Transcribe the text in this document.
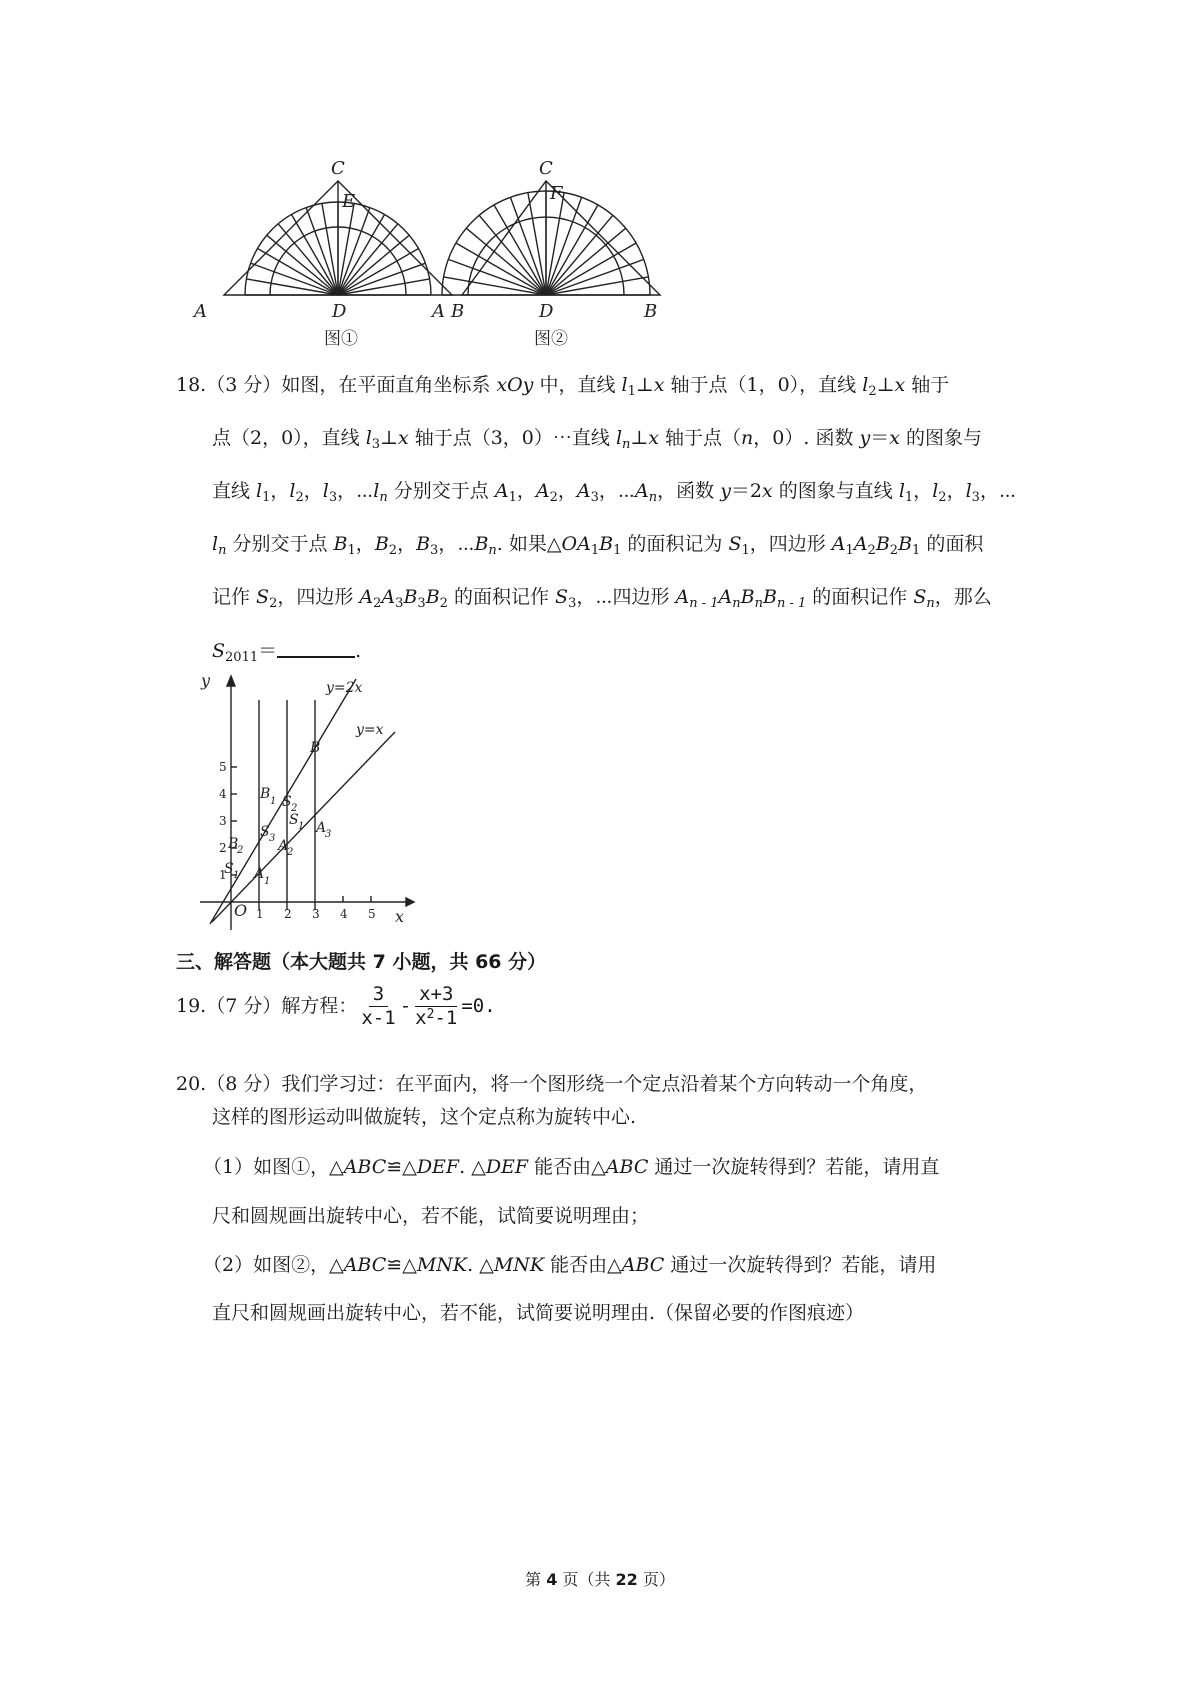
C
E
A	D	B
图①
C
F
A	D	B
图②
18.（3 分）如图，在平面直角坐标系 xOy 中，直线 $l_1\perp x$ 轴于点（1，0），直线 $l_2\perp x$ 轴于
点（2，0），直线 $l_3\perp x$ 轴于点（3，0）⋯直线 $l_n\perp x$ 轴于点（n，0）. 函数 y＝x 的图象与
直线 $l_1$，$l_2$，$l_3$，$\cdots l_n$ 分别交于点 $A_1$，$A_2$，$A_3$，$\cdots A_n$，函数 y＝2x 的图象与直线 $l_1$，$l_2$，$l_3$，⋯
$l_n$ 分别交于点 $B_1$，$B_2$，$B_3$，$\cdots B_n$. 如果$\triangle OA_1B_1$ 的面积记为 $S_1$，四边形 $A_1A_2B_2B_1$ 的面积
记作 $S_2$，四边形 $A_2A_3B_3B_2$ 的面积记作 $S_3$，⋯四边形 $A_{n - 1}A_nB_nB_{n - 1}$ 的面积记作 $S_n$，那么
$S_{2011}=$	.
1 2 3 4 5
1
2
3
4
5
y
x
O
y=2x
y=x
B
B 1 S 2
S 3 A
2
B
2
S 1 A 1
S 1 A
3
三、解答题（本大题共 7 小题，共 66 分）
19.（7 分）解方程： $\frac{3}{x-1} - \frac{x+3}{x^2-1} =0$.
20.（8 分）我们学习过：在平面内，将一个图形绕一个定点沿着某个方向转动一个角度，
这样的图形运动叫做旋转，这个定点称为旋转中心.
（1）如图①，△ABC≌△DEF. △DEF 能否由△ABC 通过一次旋转得到？若能，请用直
尺和圆规画出旋转中心，若不能，试简要说明理由；
（2）如图②，△ABC≌△MNK. △MNK 能否由△ABC 通过一次旋转得到？若能，请用
直尺和圆规画出旋转中心，若不能，试简要说明理由.（保留必要的作图痕迹）
第 4 页（共 22 页）
